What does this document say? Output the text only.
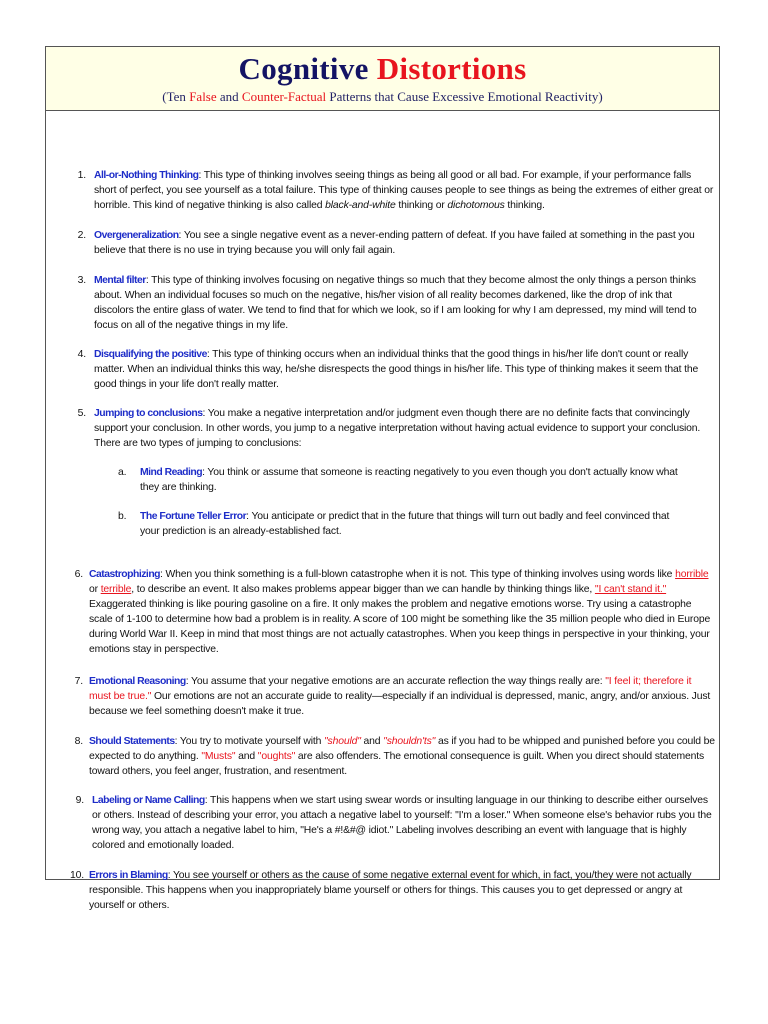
Cognitive Distortions
(Ten False and Counter-Factual Patterns that Cause Excessive Emotional Reactivity)
1. All-or-Nothing Thinking: This type of thinking involves seeing things as being all good or all bad. For example, if your performance falls short of perfect, you see yourself as a total failure. This type of thinking causes people to see things as being the extremes of either great or horrible. This kind of negative thinking is also called black-and-white thinking or dichotomous thinking.
2. Overgeneralization: You see a single negative event as a never-ending pattern of defeat. If you have failed at something in the past you believe that there is no use in trying because you will only fail again.
3. Mental filter: This type of thinking involves focusing on negative things so much that they become almost the only things a person thinks about. When an individual focuses so much on the negative, his/her vision of all reality becomes darkened, like the drop of ink that discolors the entire glass of water. We tend to find that for which we look, so if I am looking for why I am depressed, my mind will tend to focus on all of the negative things in my life.
4. Disqualifying the positive: This type of thinking occurs when an individual thinks that the good things in his/her life don't count or really matter. When an individual thinks this way, he/she disrespects the good things in his/her life. This type of thinking makes it seem that the good things in your life don't really matter.
5. Jumping to conclusions: You make a negative interpretation and/or judgment even though there are no definite facts that convincingly support your conclusion. In other words, you jump to a negative interpretation without having actual evidence to support your conclusion. There are two types of jumping to conclusions:
a.	Mind Reading: You think or assume that someone is reacting negatively to you even though you don't actually know what
they are thinking.
b.	The Fortune Teller Error: You anticipate or predict that in the future that things will turn out badly and feel convinced that
your prediction is an already-established fact.
6. Catastrophizing: When you think something is a full-blown catastrophe when it is not. This type of thinking involves using words like horrible or terrible, to describe an event. It also makes problems appear bigger than we can handle by thinking things like, "I can't stand it." Exaggerated thinking is like pouring gasoline on a fire. It only makes the problem and negative emotions worse. Try using a catastrophe scale of 1-100 to determine how bad a problem is in reality. A score of 100 might be something like the 35 million people who died in Europe during World War II. Keep in mind that most things are not actually catastrophes. When you keep things in perspective in your thinking, your emotions stay in perspective.
7. Emotional Reasoning: You assume that your negative emotions are an accurate reflection the way things really are: "I feel it; therefore it must be true." Our emotions are not an accurate guide to reality—especially if an individual is depressed, manic, angry, and/or anxious. Just because we feel something doesn't make it true.
8. Should Statements: You try to motivate yourself with "should" and "shouldn'ts" as if you had to be whipped and punished before you could be expected to do anything. "Musts" and "oughts" are also offenders. The emotional consequence is guilt. When you direct should statements toward others, you feel anger, frustration, and resentment.
9. Labeling or Name Calling: This happens when we start using swear words or insulting language in our thinking to describe either ourselves or others. Instead of describing your error, you attach a negative label to yourself: "I'm a loser." When someone else's behavior rubs you the wrong way, you attach a negative label to him, "He's a #!&#@ idiot." Labeling involves describing an event with language that is highly colored and emotionally loaded.
10. Errors in Blaming: You see yourself or others as the cause of some negative external event for which, in fact, you/they were not actually responsible. This happens when you inappropriately blame yourself or others for things. This causes you to get depressed or angry at yourself or others.
